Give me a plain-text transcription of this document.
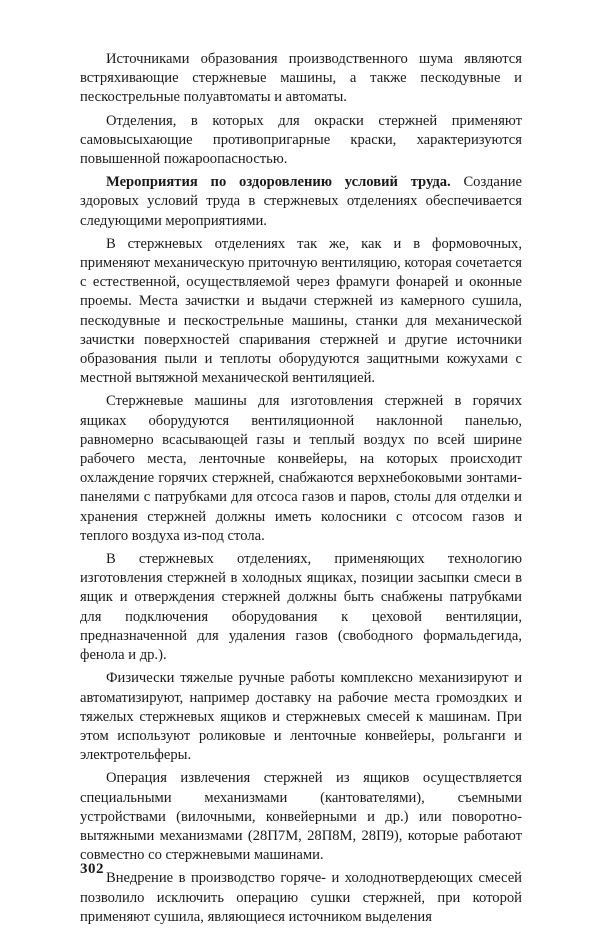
Источниками образования производственного шума являются встряхивающие стержневые машины, а также пескодувные и пескострельные полуавтоматы и автоматы.

Отделения, в которых для окраски стержней применяют самовысыхающие противопригарные краски, характеризуются повышенной пожароопасностью.

Мероприятия по оздоровлению условий труда. Создание здоровых условий труда в стержневых отделениях обеспечивается следующими мероприятиями.

В стержневых отделениях так же, как и в формовочных, применяют механическую приточную вентиляцию, которая сочетается с естественной, осуществляемой через фрамуги фонарей и оконные проемы. Места зачистки и выдачи стержней из камерного сушила, пескодувные и пескострельные машины, станки для механической зачистки поверхностей спаривания стержней и другие источники образования пыли и теплоты оборудуются защитными кожухами с местной вытяжной механической вентиляцией.

Стержневые машины для изготовления стержней в горячих ящиках оборудуются вентиляционной наклонной панелью, равномерно всасывающей газы и теплый воздух по всей ширине рабочего места, ленточные конвейеры, на которых происходит охлаждение горячих стержней, снабжаются верхнебоковыми зонтами-панелями с патрубками для отсоса газов и паров, столы для отделки и хранения стержней должны иметь колосники с отсосом газов и теплого воздуха из-под стола.

В стержневых отделениях, применяющих технологию изготовления стержней в холодных ящиках, позиции засыпки смеси в ящик и отверждения стержней должны быть снабжены патрубками для подключения оборудования к цеховой вентиляции, предназначенной для удаления газов (свободного формальдегида, фенола и др.).

Физически тяжелые ручные работы комплексно механизируют и автоматизируют, например доставку на рабочие места громоздких и тяжелых стержневых ящиков и стержневых смесей к машинам. При этом используют роликовые и ленточные конвейеры, рольганги и электротельферы.

Операция извлечения стержней из ящиков осуществляется специальными механизмами (кантователями), съемными устройствами (вилочными, конвейерными и др.) или поворотно-вытяжными механизмами (28П7М, 28П8М, 28П9), которые работают совместно со стержневыми машинами.

Внедрение в производство горяче- и холоднотвердеющих смесей позволило исключить операцию сушки стержней, при которой применяют сушила, являющиеся источником выделения

302
